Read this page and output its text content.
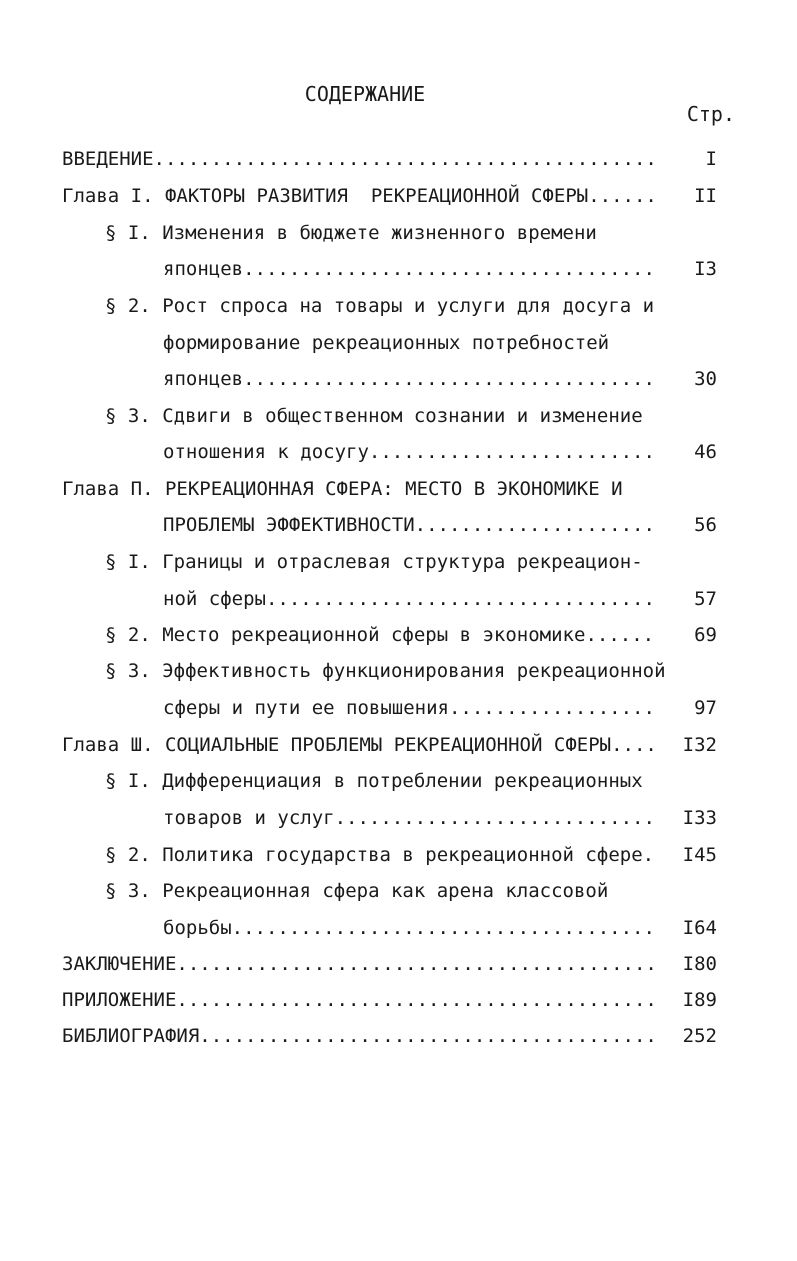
СОДЕРЖАНИЕ
Стр.
ВВЕДЕНИЕ .....	I
Глава I. ФАКТОРЫ РАЗВИТИЯ  РЕКРЕАЦИОННОЙ СФЕРЫ .....	II
§ I. Изменения в бюджете жизненного времени
японцев .....	I3
§ 2. Рост спроса на товары и услуги для досуга и
формирование рекреационных потребностей
японцев .....	30
§ 3. Сдвиги в общественном сознании и изменение
отношения к досугу .....	46
Глава П. РЕКРЕАЦИОННАЯ СФЕРА: МЕСТО В ЭКОНОМИКЕ И
ПРОБЛЕМЫ ЭФФЕКТИВНОСТИ .....	56
§ I. Границы и отраслевая структура рекреацион-
ной сферы .....	57
§ 2. Место рекреационной сферы в экономике .....	69
§ 3. Эффективность функционирования рекреационной
сферы и пути ее повышения .....	97
Глава Ш. СОЦИАЛЬНЫЕ ПРОБЛЕМЫ РЕКРЕАЦИОННОЙ СФЕРЫ .....	I32
§ I. Дифференциация в потреблении рекреационных
товаров и услуг .....	I33
§ 2. Политика государства в рекреационной сфере .....	I45
§ 3. Рекреационная сфера как арена классовой
борьбы .....	I64
ЗАКЛЮЧЕНИЕ .....	I80
ПРИЛОЖЕНИЕ .....	I89
БИБЛИОГРАФИЯ .....	252
